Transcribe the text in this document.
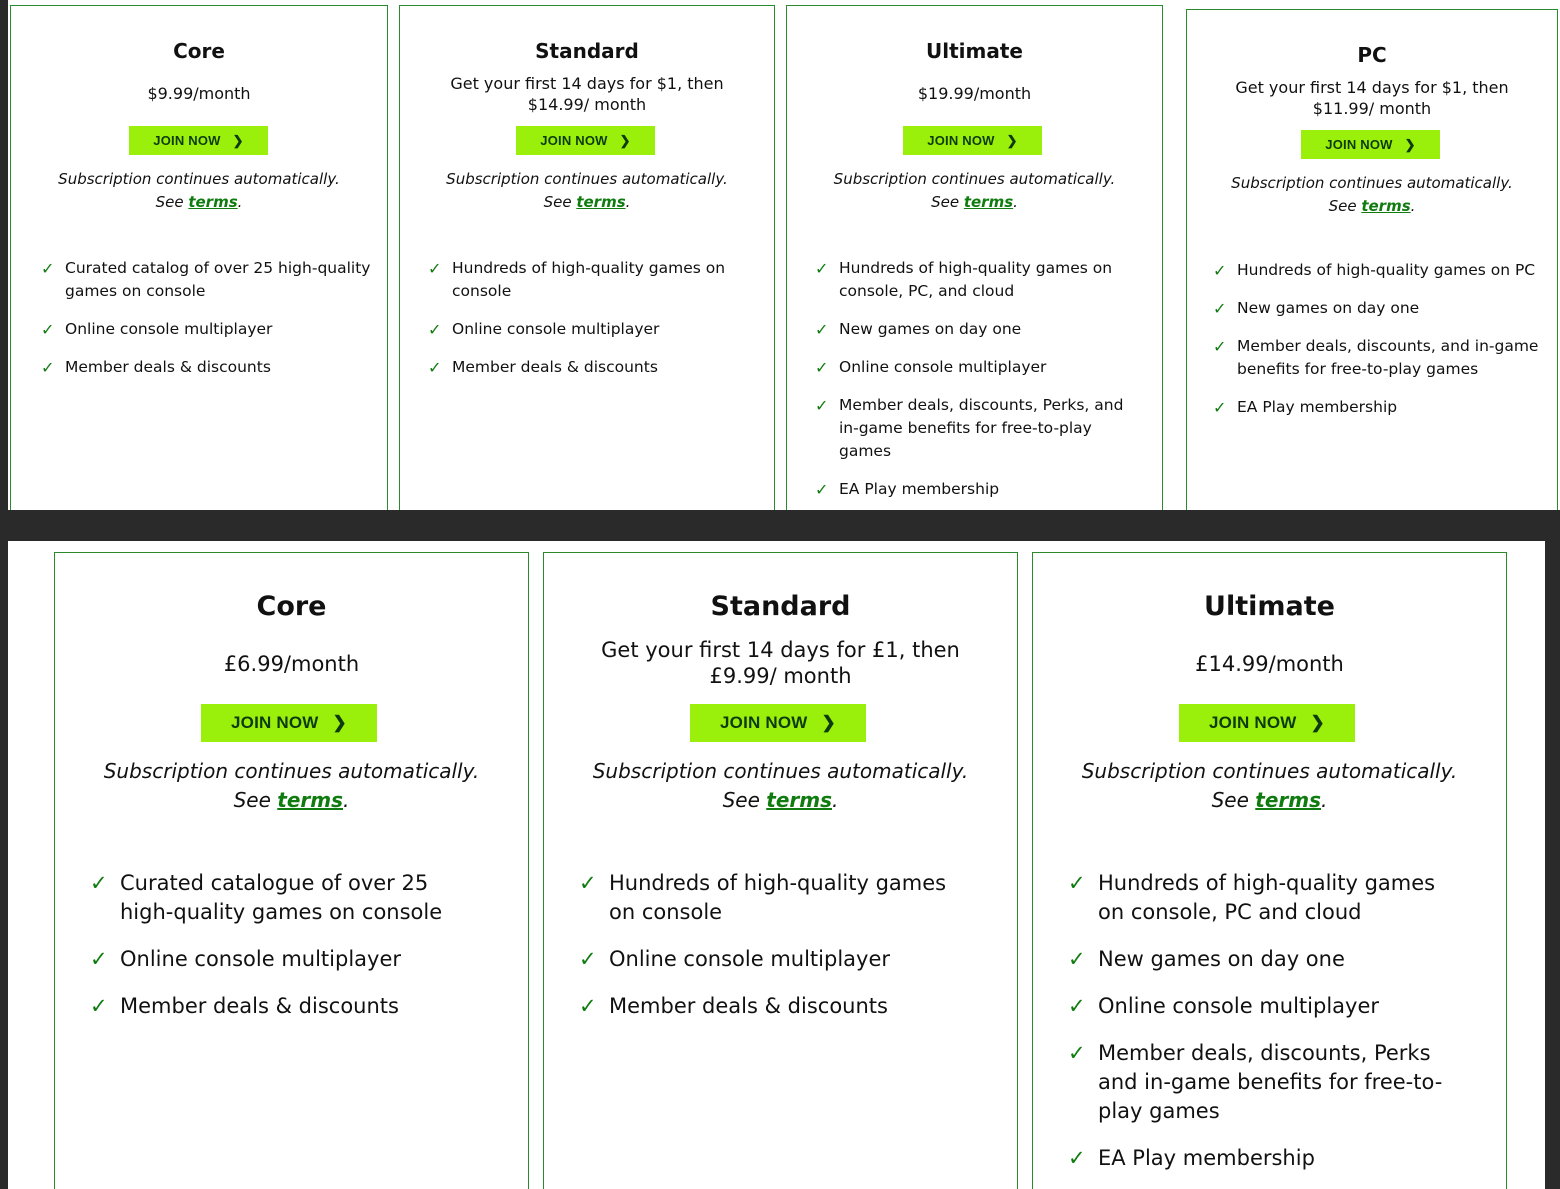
Core

$9.99/month

JOIN NOW ❯

Subscription continues automatically.
See terms.

✓ Curated catalog of over 25 high-quality games on console
✓ Online console multiplayer
✓ Member deals & discounts
Standard

Get your first 14 days for $1, then $14.99/ month

JOIN NOW ❯

Subscription continues automatically.
See terms.

✓ Hundreds of high-quality games on console
✓ Online console multiplayer
✓ Member deals & discounts
Ultimate

$19.99/month

JOIN NOW ❯

Subscription continues automatically.
See terms.

✓ Hundreds of high-quality games on console, PC, and cloud
✓ New games on day one
✓ Online console multiplayer
✓ Member deals, discounts, Perks, and in-game benefits for free-to-play games
✓ EA Play membership
PC

Get your first 14 days for $1, then $11.99/ month

JOIN NOW ❯

Subscription continues automatically.
See terms.

✓ Hundreds of high-quality games on PC
✓ New games on day one
✓ Member deals, discounts, and in-game benefits for free-to-play games
✓ EA Play membership
Core

£6.99/month

JOIN NOW ❯

Subscription continues automatically.
See terms.

✓ Curated catalogue of over 25 high-quality games on console
✓ Online console multiplayer
✓ Member deals & discounts
Standard

Get your first 14 days for £1, then £9.99/ month

JOIN NOW ❯

Subscription continues automatically.
See terms.

✓ Hundreds of high-quality games on console
✓ Online console multiplayer
✓ Member deals & discounts
Ultimate

£14.99/month

JOIN NOW ❯

Subscription continues automatically.
See terms.

✓ Hundreds of high-quality games on console, PC and cloud
✓ New games on day one
✓ Online console multiplayer
✓ Member deals, discounts, Perks and in-game benefits for free-to-play games
✓ EA Play membership
